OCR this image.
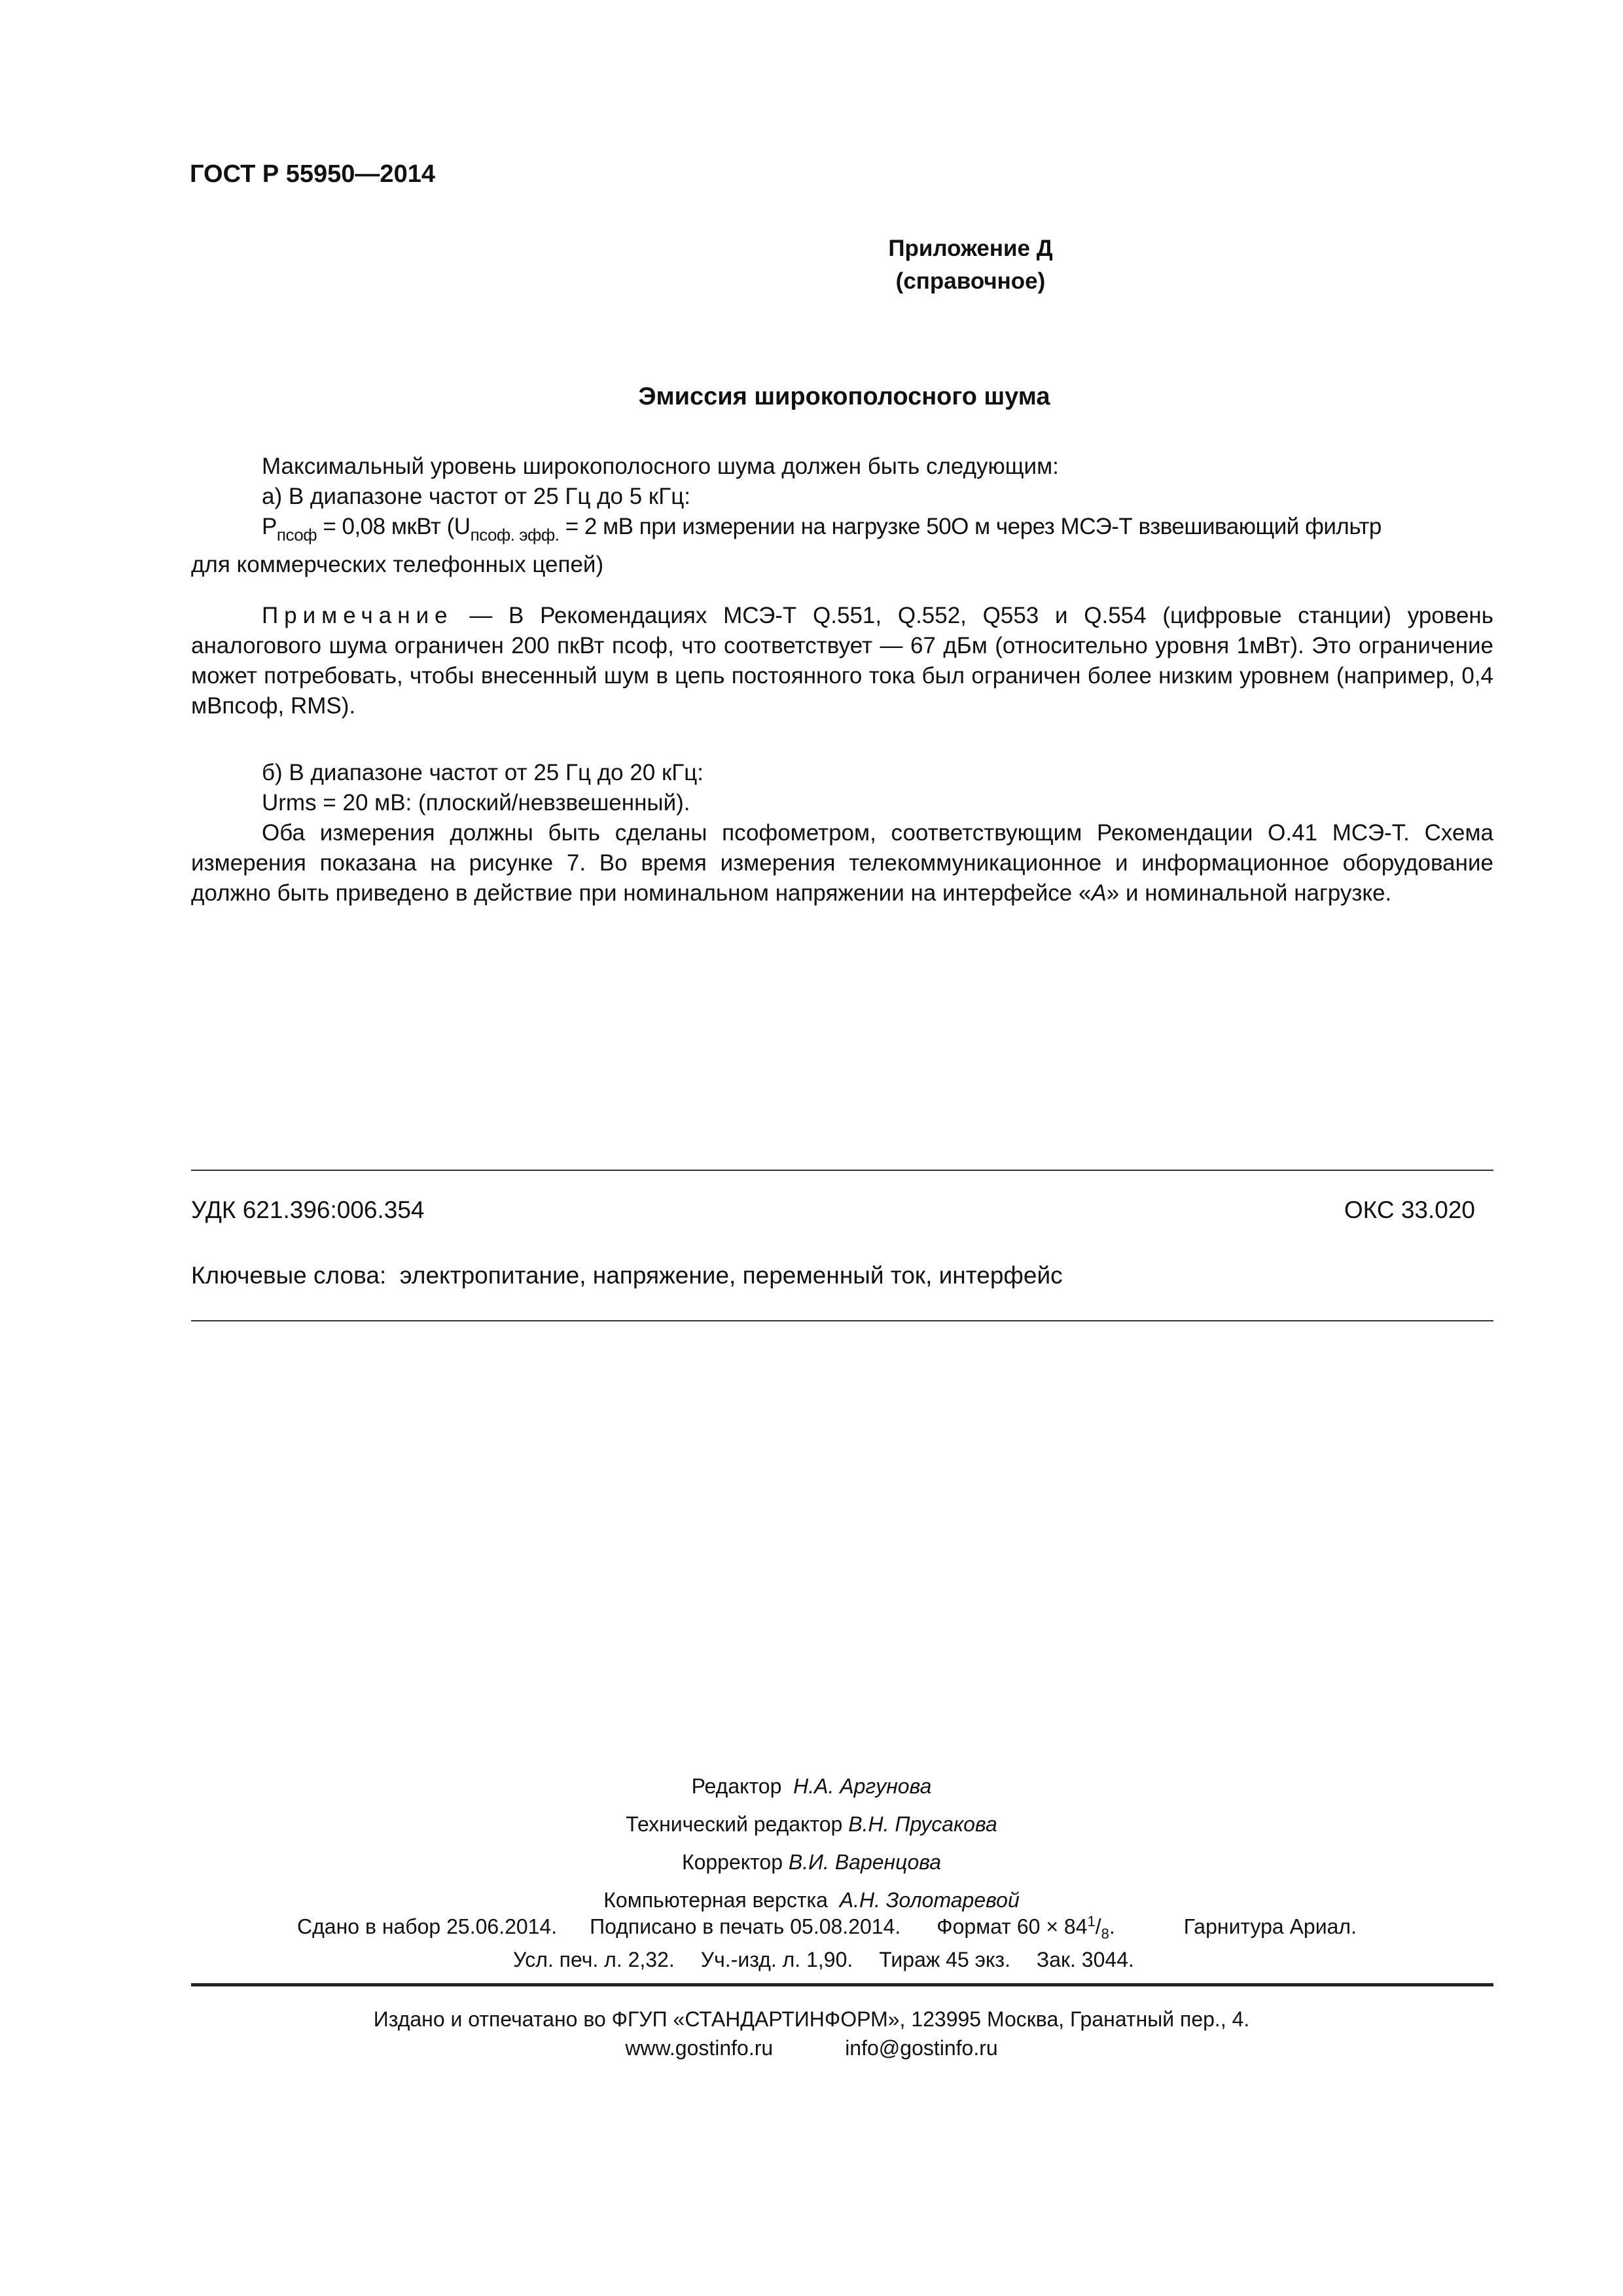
ГОСТ Р 55950—2014
Приложение Д
(справочное)
Эмиссия широкополосного шума

Максимальный уровень широкополосного шума должен быть следующим:

а) В диапазоне частот от 25 Гц до 5 кГц:

$P_{псоф} = 0,08$ мкВт ($U_{псоф. эфф.} = 2$ мВ при измерении на нагрузке 50О м через МСЭ-Т взвешивающий фильтр

для коммерческих телефонных цепей)

Примечание — В Рекомендациях МСЭ-Т Q.551, Q.552, Q553 и Q.554 (цифровые станции) уровень аналогового шума ограничен 200 пкВт псоф, что соответствует — 67 дБм (относительно уровня 1мВт). Это ограничение может потребовать, чтобы внесенный шум в цепь постоянного тока был ограничен более низким уровнем (например, 0,4 мВпсоф, RMS).

б) В диапазоне частот от 25 Гц до 20 кГц:

Urms = 20 мВ: (плоский/невзвешенный).

Оба измерения должны быть сделаны псофометром, соответствующим Рекомендации О.41 МСЭ-Т. Схема измерения показана на рисунке 7. Во время измерения телекоммуникационное и информационное оборудование должно быть приведено в действие при номинальном напряжении на интерфейсе «А» и номинальной нагрузке.

УДК 621.396:006.354	ОКС 33.020
Ключевые слова: электропитание, напряжение, переменный ток, интерфейс
Редактор Н.А. Аргунова
Технический редактор В.Н. Прусакова
Корректор В.И. Варенцова
Компьютерная верстка А.Н. Золотаревой
Сдано в набор 25.06.2014. Подписано в печать 05.08.2014. Формат $60 \times 84^1/_8$.	Гарнитура Ариал.
Усл. печ. л. 2,32. Уч.-изд. л. 1,90. Тираж 45 экз. Зак. 3044.
Издано и отпечатано во ФГУП «СТАНДАРТИНФОРМ», 123995 Москва, Гранатный пер., 4.
www.gostinfo.ru	info@gostinfo.ru
